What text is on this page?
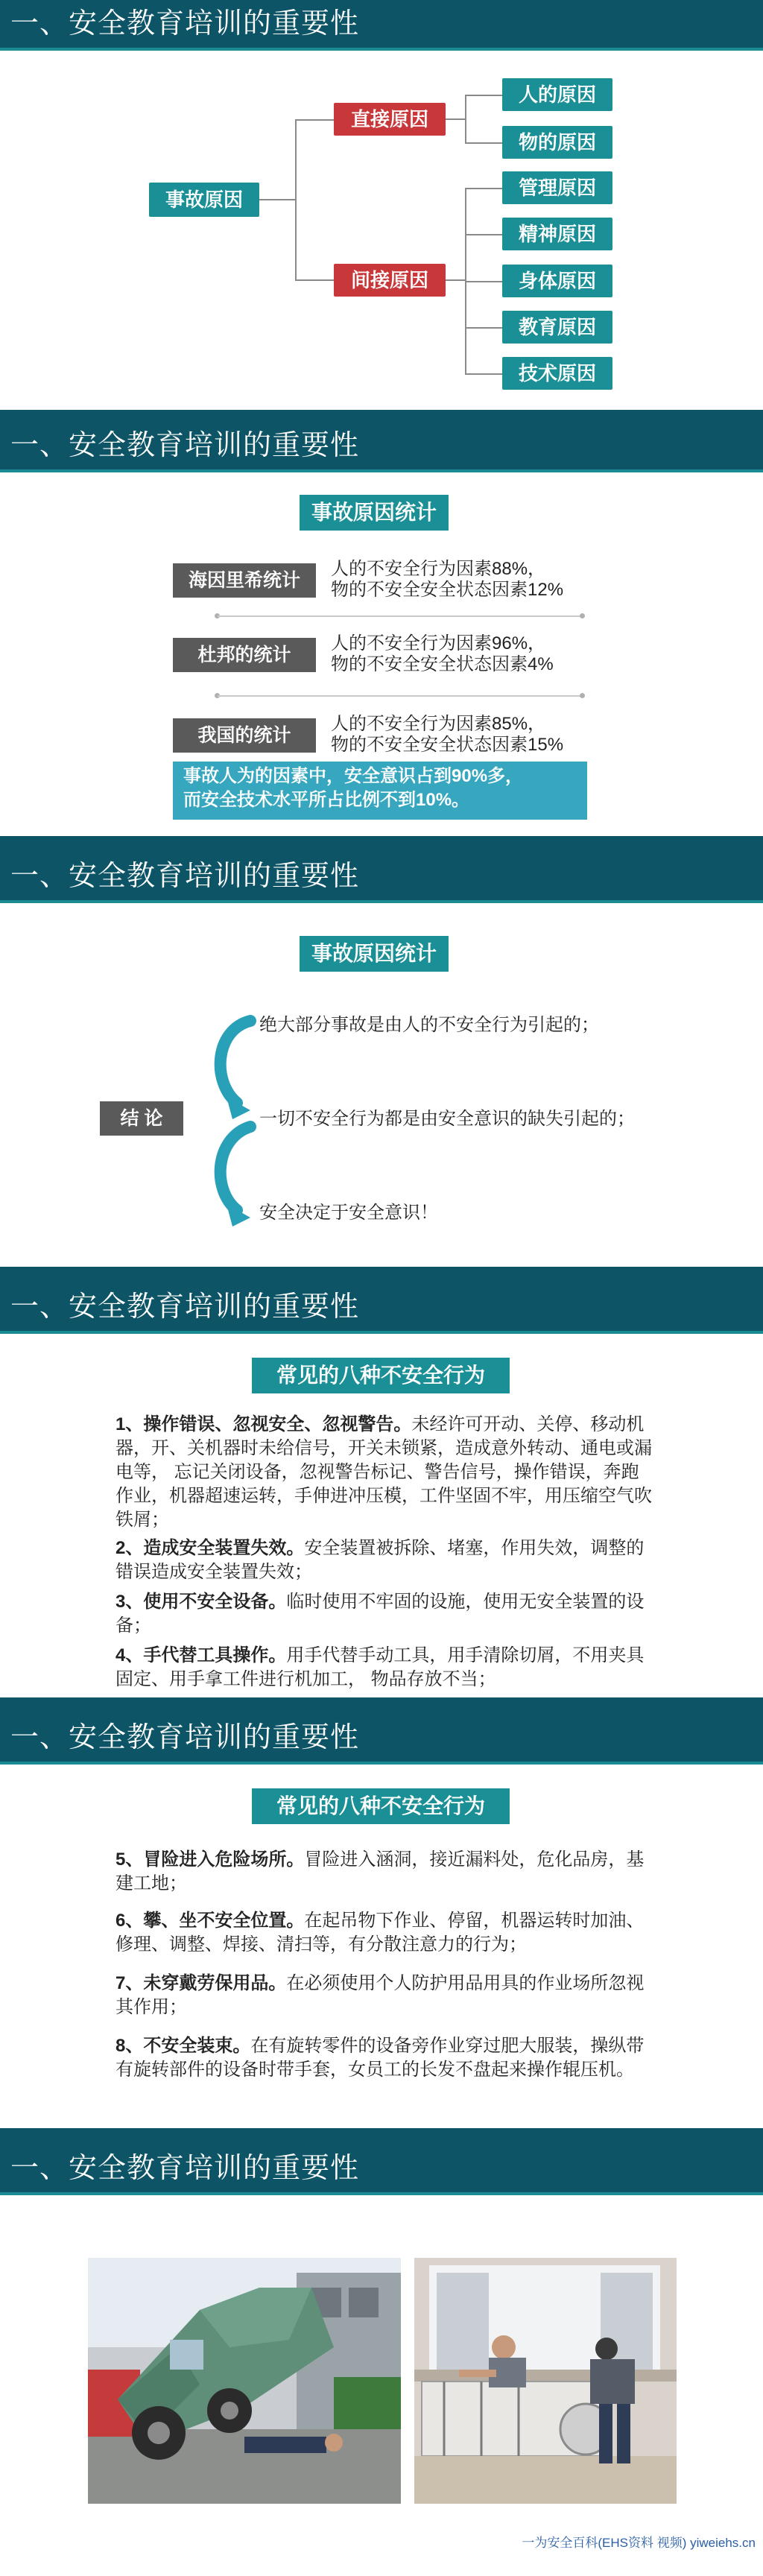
一、安全教育培训的重要性
事故原因
直接原因
间接原因
人的原因
物的原因
管理原因
精神原因
身体原因
教育原因
技术原因
一、安全教育培训的重要性
事故原因统计
海因里希统计
人的不安全行为因素88%，
物的不安全安全状态因素12%
杜邦的统计
人的不安全行为因素96%，
物的不安全安全状态因素4%
我国的统计
人的不安全行为因素85%，
物的不安全安全状态因素15%
事故人为的因素中，安全意识占到90%多，
而安全技术水平所占比例不到10%。
一、安全教育培训的重要性
事故原因统计
结 论
绝大部分事故是由人的不安全行为引起的；
一切不安全行为都是由安全意识的缺失引起的；
安全决定于安全意识！
一、安全教育培训的重要性
常见的八种不安全行为
1、操作错误、忽视安全、忽视警告。未经许可开动、关停、移动机器，开、关机器时未给信号，开关未锁紧，造成意外转动、通电或漏电等， 忘记关闭设备，忽视警告标记、警告信号，操作错误，奔跑作业，机器超速运转，手伸进冲压模，工件坚固不牢，用压缩空气吹铁屑；
2、造成安全装置失效。安全装置被拆除、堵塞，作用失效，调整的错误造成安全装置失效；
3、使用不安全设备。临时使用不牢固的设施，使用无安全装置的设备；
4、手代替工具操作。用手代替手动工具，用手清除切屑，不用夹具固定、用手拿工件进行机加工， 物品存放不当；
一、安全教育培训的重要性
常见的八种不安全行为
5、冒险进入危险场所。冒险进入涵洞，接近漏料处，危化品房，基建工地；
6、攀、坐不安全位置。在起吊物下作业、停留，机器运转时加油、修理、调整、焊接、清扫等，有分散注意力的行为；
7、未穿戴劳保用品。在必须使用个人防护用品用具的作业场所忽视其作用；
8、不安全装束。在有旋转零件的设备旁作业穿过肥大服装，操纵带有旋转部件的设备时带手套，女员工的长发不盘起来操作辊压机。
一、安全教育培训的重要性
一为安全百科(EHS资料 视频) yiweiehs.cn
